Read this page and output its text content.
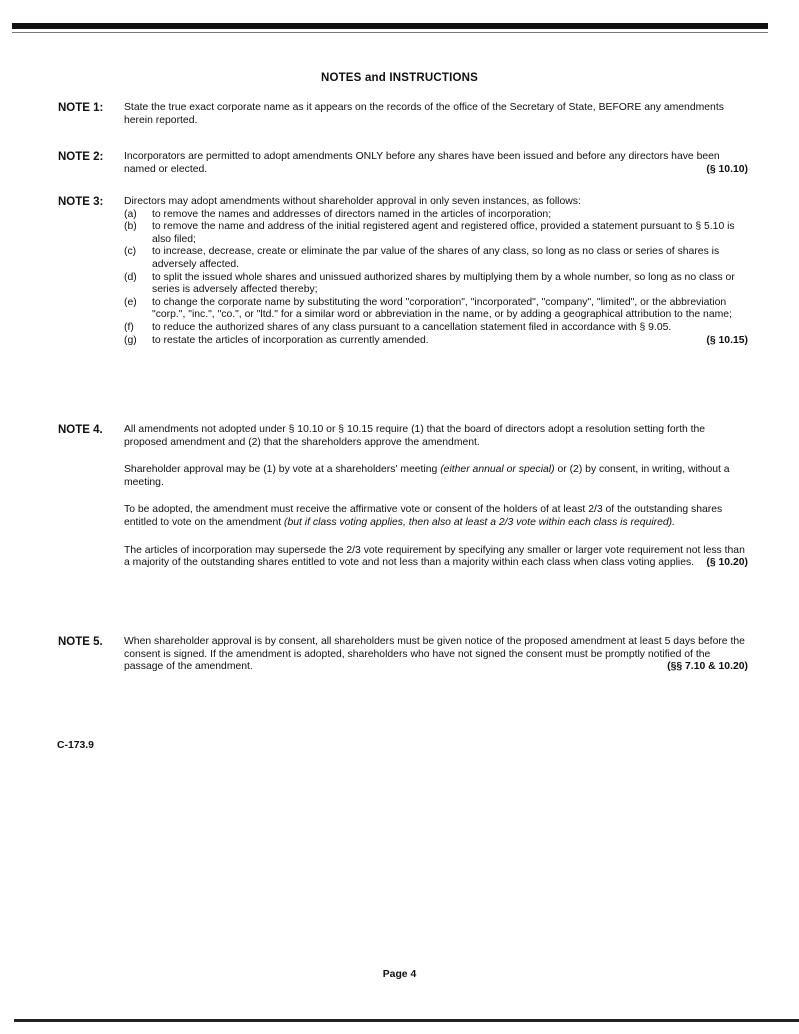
NOTES and INSTRUCTIONS
NOTE 1:	State the true exact corporate name as it appears on the records of the office of the Secretary of State, BEFORE any amendments herein reported.

NOTE 2:	Incorporators are permitted to adopt amendments ONLY before any shares have been issued and before any directors have been named or elected.	(§ 10.10)

NOTE 3:	Directors may adopt amendments without shareholder approval in only seven instances, as follows:

(a) to remove the names and addresses of directors named in the articles of incorporation;
(b) to remove the name and address of the initial registered agent and registered office, provided a statement pursuant to § 5.10 is also filed;
(c) to increase, decrease, create or eliminate the par value of the shares of any class, so long as no class or series of shares is adversely affected.
(d) to split the issued whole shares and unissued authorized shares by multiplying them by a whole number, so long as no class or series is adversely affected thereby;
(e) to change the corporate name by substituting the word "corporation", "incorporated", "company", "limited", or the abbreviation "corp.", "inc.", "co.", or "ltd." for a similar word or abbreviation in the name, or by adding a geographical attribution to the name;
(f) to reduce the authorized shares of any class pursuant to a cancellation statement filed in accordance with § 9.05.
(g) to restate the articles of incorporation as currently amended.	(§ 10.15)
NOTE 4.	All amendments not adopted under § 10.10 or § 10.15 require (1) that the board of directors adopt a resolution setting forth the proposed amendment and (2) that the shareholders approve the amendment.

Shareholder approval may be (1) by vote at a shareholders' meeting (either annual or special) or (2) by consent, in writing, without a meeting.

To be adopted, the amendment must receive the affirmative vote or consent of the holders of at least 2/3 of the outstanding shares entitled to vote on the amendment (but if class voting applies, then also at least a 2/3 vote within each class is required).

The articles of incorporation may supersede the 2/3 vote requirement by specifying any smaller or larger vote requirement not less than a majority of the outstanding shares entitled to vote and not less than a majority within each class when class voting applies. (§ 10.20)

NOTE 5.	When shareholder approval is by consent, all shareholders must be given notice of the proposed amendment at least 5 days before the consent is signed. If the amendment is adopted, shareholders who have not signed the consent must be promptly notified of the passage of the amendment.	(§§ 7.10 & 10.20)

C-173.9
Page 4
